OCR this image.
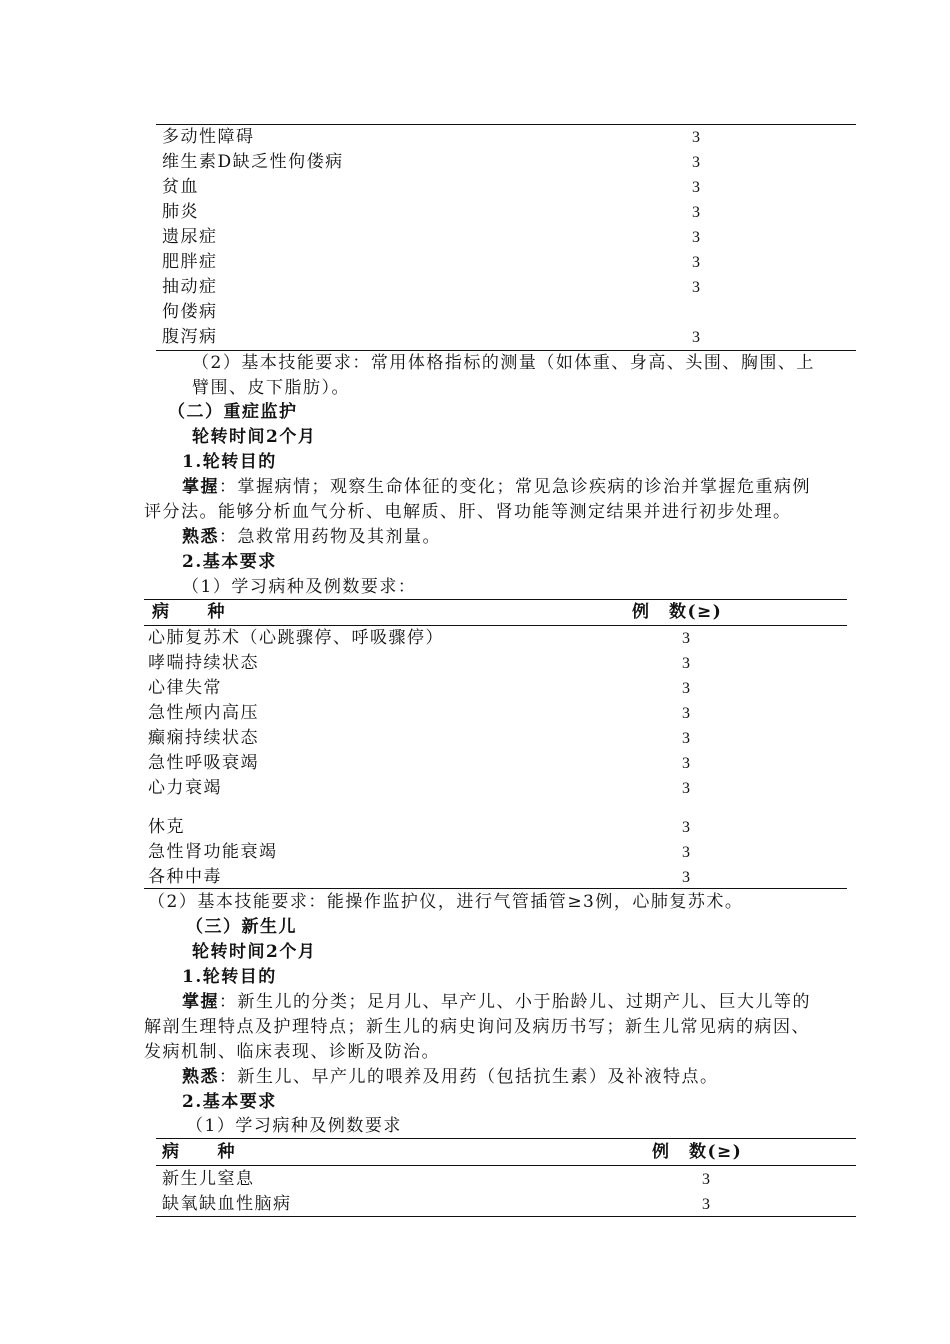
多动性障碍	3
维生素D缺乏性佝偻病	3
贫血	3
肺炎	3
遗尿症	3
肥胖症	3
抽动症	3
佝偻病
腹泻病	3
（2）基本技能要求：常用体格指标的测量（如体重、身高、头围、胸围、上
臂围、皮下脂肪）。
（二）重症监护
轮转时间2个月
1.轮转目的
掌握：掌握病情；观察生命体征的变化；常见急诊疾病的诊治并掌握危重病例
评分法。能够分析血气分析、电解质、肝、肾功能等测定结果并进行初步处理。
熟悉：急救常用药物及其剂量。
2.基本要求
（1）学习病种及例数要求：
病　　种	例　数(≥)
心肺复苏术（心跳骤停、呼吸骤停）	3
哮喘持续状态	3
心律失常	3
急性颅内高压	3
癫痫持续状态	3
急性呼吸衰竭	3
心力衰竭	3
休克	3
急性肾功能衰竭	3
各种中毒	3
（2）基本技能要求：能操作监护仪，进行气管插管≥3例，心肺复苏术。
（三）新生儿
轮转时间2个月
1.轮转目的
掌握：新生儿的分类；足月儿、早产儿、小于胎龄儿、过期产儿、巨大儿等的
解剖生理特点及护理特点；新生儿的病史询问及病历书写；新生儿常见病的病因、
发病机制、临床表现、诊断及防治。
熟悉：新生儿、早产儿的喂养及用药（包括抗生素）及补液特点。
2.基本要求
（1）学习病种及例数要求
病　　种	例　数(≥)
新生儿窒息	3
缺氧缺血性脑病	3
